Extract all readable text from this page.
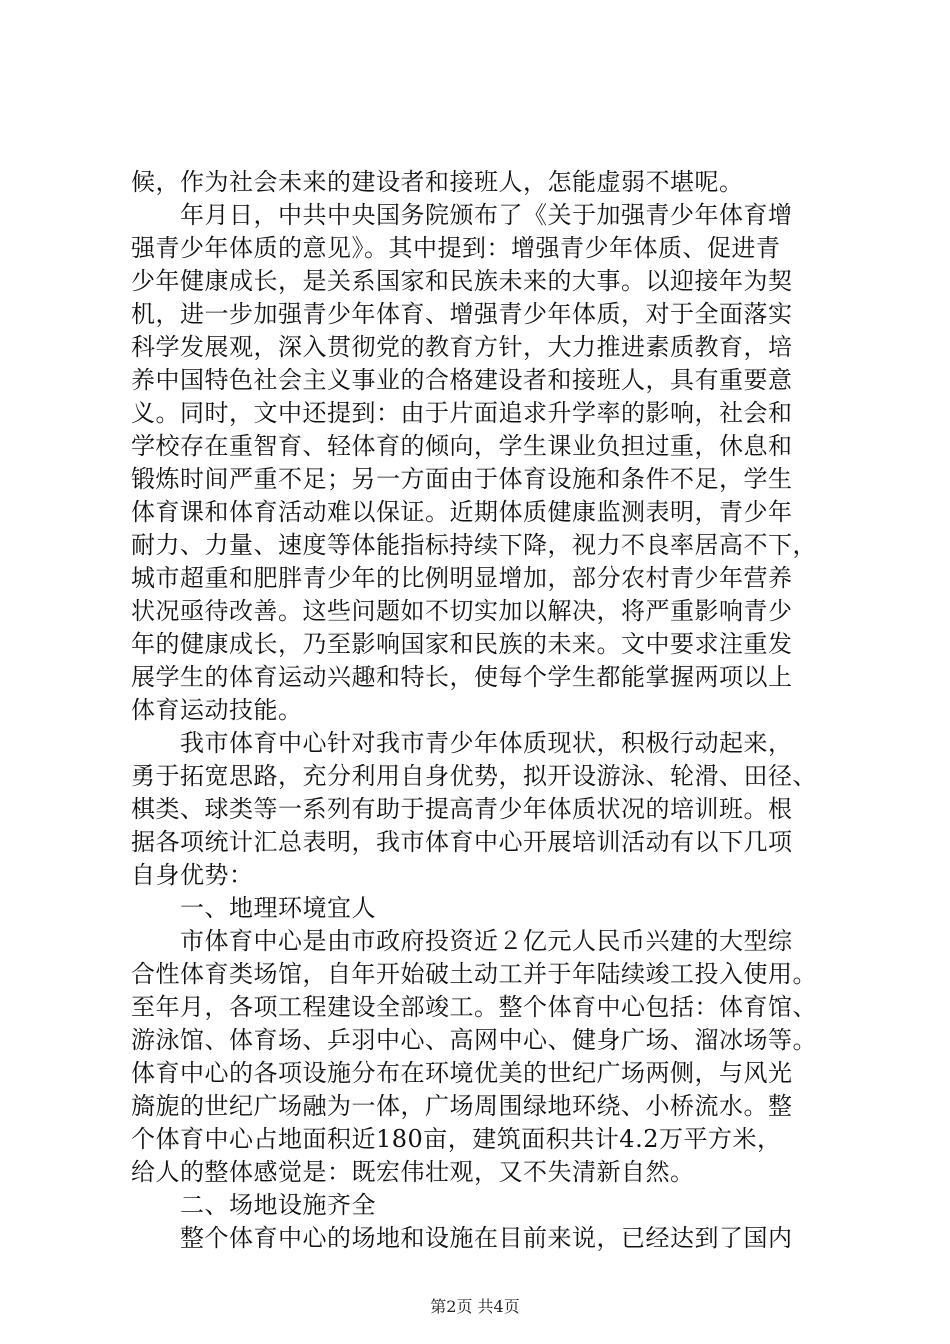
候，作为社会未来的建设者和接班人，怎能虚弱不堪呢。
　　年月日，中共中央国务院颁布了《关于加强青少年体育增
强青少年体质的意见》。其中提到：增强青少年体质、促进青
少年健康成长，是关系国家和民族未来的大事。以迎接年为契
机，进一步加强青少年体育、增强青少年体质，对于全面落实
科学发展观，深入贯彻党的教育方针，大力推进素质教育，培
养中国特色社会主义事业的合格建设者和接班人，具有重要意
义。同时，文中还提到：由于片面追求升学率的影响，社会和
学校存在重智育、轻体育的倾向，学生课业负担过重，休息和
锻炼时间严重不足；另一方面由于体育设施和条件不足，学生
体育课和体育活动难以保证。近期体质健康监测表明，青少年
耐力、力量、速度等体能指标持续下降，视力不良率居高不下，
城市超重和肥胖青少年的比例明显增加，部分农村青少年营养
状况亟待改善。这些问题如不切实加以解决，将严重影响青少
年的健康成长，乃至影响国家和民族的未来。文中要求注重发
展学生的体育运动兴趣和特长，使每个学生都能掌握两项以上
体育运动技能。
　　我市体育中心针对我市青少年体质现状，积极行动起来，
勇于拓宽思路，充分利用自身优势，拟开设游泳、轮滑、田径、
棋类、球类等一系列有助于提高青少年体质状况的培训班。根
据各项统计汇总表明，我市体育中心开展培训活动有以下几项
自身优势：
　　一、地理环境宜人
　　市体育中心是由市政府投资近２亿元人民币兴建的大型综
合性体育类场馆，自年开始破土动工并于年陆续竣工投入使用。
至年月，各项工程建设全部竣工。整个体育中心包括：体育馆、
游泳馆、体育场、乒羽中心、高网中心、健身广场、溜冰场等。
体育中心的各项设施分布在环境优美的世纪广场两侧，与风光
旖旎的世纪广场融为一体，广场周围绿地环绕、小桥流水。整
个体育中心占地面积近180亩，建筑面积共计4.2万平方米，
给人的整体感觉是：既宏伟壮观，又不失清新自然。
　　二、场地设施齐全
　　整个体育中心的场地和设施在目前来说，已经达到了国内
第2页 共4页
